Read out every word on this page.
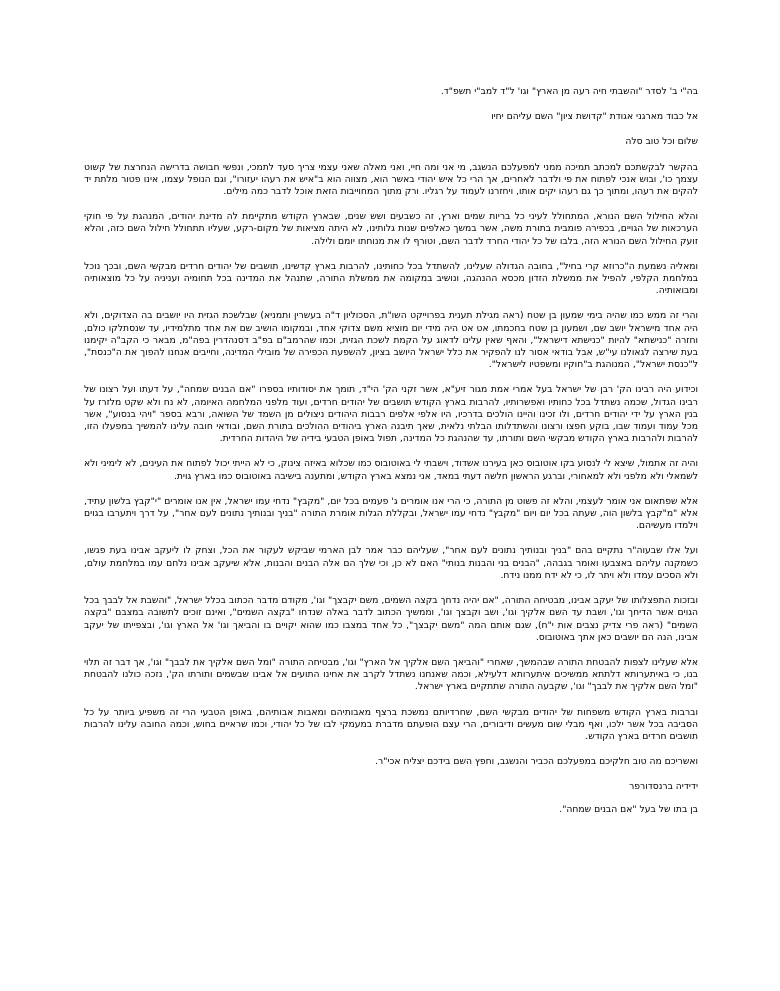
בה"י ב' לסדר "והשבתי חיה רעה מן הארץ" וגו' ל"ד למב"י תשפ"ד.

אל כבוד מארגני אגודת "קדושת ציון" השם עליהם יחיו

שלום וכל טוב סלה

בהקשר לבקשתכם למכתב תמיכה ממני למפעלכם הנשגב, מי אני ומה חיי, ואני מאלה שאני עצמי צריך סעד לתמכי, ונפשי חבושה בדרישה הנחרצת של קשוט עצמך כו', ובוש אנכי לפתוח את פי ולדבר לאחרים, אך הרי כל איש יהודי באשר הוא, מצווה הוא ב"איש את רעהו יעזורו", וגם הנופל עצמו, אינו פטור מלתת יד להקים את רעהו, ומתוך כך גם רעהו יקים אותו, ויחזרנו לעמוד על רגליו. ורק מתוך המחוייבות הזאת אוכל לדבר כמה מילים.

והלא החילול השם הנורא, המתחולל לעיני כל בריות שמים וארץ, זה כשבעים ושש שנים, שבארץ הקודש מתקיימת לה מדינת יהודים, המנהגת על פי חוקי הערכאות של הגויים, בכפירה פומבית בתורת משה, אשר במשך כאלפים שנות גלותינו, לא היתה מציאות של מקום-רקע, שעליו תתחולל חילול השם כזה, והלא זועק החילול השם הנורא הזה, בלבו של כל יהודי החרד לדבר השם, וטורף לו את מנוחתו יומם ולילה.

ומאליה נשמעת ה"כרוזא קרי בחיל", בחובה הגדולה שעלינו, להשתדל בכל כחותינו, להרבות בארץ קדשינו, תושבים של יהודים חרדים מבקשי השם, ובכך נוכל במלחמת הקלפי, להפיל את ממשלת הזדון מכסא ההנהגה, ונושיב במקומה את ממשלת התורה, שתנהל את המדינה בכל תחומיה ועניניה על כל מוצאותיה ומבואותיה.

והרי זה ממש כמו שהיה בימי שמעון בן שטח (ראה מגילת תענית בפרוייקט השו"ת, הסכוליון ד"ה בעשרין ותמניא) שבלשכת הגזית היו יושבים בה הצדוקים, ולא היה אחד מישראל יושב שם, ושמעון בן שטח בחכמתו, אט אט היה מידי יום מוציא משם צדוקי אחד, ובמקומו הושיב שם את אחד מתלמידיו, עד שנסתלקו כולם, וחזרה "כנישתא" להיות "כנישתא דישראל", והאף שאין עלינו לדאוג על הקמת לשכת הגזית, וכמו שהרמב"ם בפ"ב דסנהדרין בפה"מ, מבאר כי הקב"ה יקימנו בעת שירצה לגאולנו עי"ש, אבל בודאי אסור לנו להפקיר את כלל ישראל היושב בציון, להשפעת הכפירה של מובילי המדינה, וחייבים אנחנו להפוך את ה"כנסת", ל"כנסת ישראל", המנוהגת ב"חוקיו ומשפטיו לישראל".

וכידוע היה רבינו הק' רבן של ישראל בעל אמרי אמת מגור זיע"א, אשר זקני הק' הי"ד, תומך את יסודותיו בספרו "אם הבנים שמחה", על דעתו ועל רצונו של רבינו הגדול, שכמה נשתדל בכל כחותיו ואפשרותיו, להרבות בארץ הקודש תושבים של יהודים חרדים, ועוד מלפני המלחמה האיומה, לא נח ולא שקט מלזרז על בנין הארץ על ידי יהודים חרדים, ולו זכינו והיינו הולכים בדרכיו, היו אלפי אלפים רבבות היהודים ניצולים מן השמד של השואה, ורבא בספר "ויהי בנסוע", אשר מכל עמוד ועמוד שבו, בוקע חפצו ורצונו והשתדלותו הבלתי נלאית, שאך תיבנה הארץ ביהודים ההולכים בתורת השם, ובודאי חובה עלינו להמשיך במפעלו הזו, להרבות ולהרבות בארץ הקודש מבקשי השם ותורתו, עד שהנהגת כל המדינה, תפול באופן הטבעי בידיה של היהדות החרדית.

והיה זה אתמול, שיצא לי לנסוע בקו אוטובוס כאן בעירנו אשדוד, וישבתי לי באוטובוס כמו שכלוא באיזה צינוק, כי לא הייתי יכול לפתוח את העינים, לא לימיני ולא לשמאלי ולא מלפני ולא למאחורי, וברגע הראשון חלשה דעתי במאד, אני נמצא בארץ הקודש, ומתענה בישיבה באוטובוס כמו בארץ גוית.

אלא שפתאום אני אומר לעצמי, והלא זה פשוט מן התורה, כי הרי אנו אומרים ג' פעמים בכל יום, "מקבץ" נדחי עמו ישראל, אין אנו אומרים "י"קבץ בלשון עתיד, אלא "מ"קבץ בלשון הוה, שעתה בכל יום ויום "מקבץ" נדחי עמו ישראל, ובקללת הגלות אומרת התורה "בניך ובנותיך נתונים לעם אחר", על דרך ויתערבו בגוים וילמדו מעשיהם.

ועל אלו שבעוה"ר נתקיים בהם "בניך ובנותיך נתונים לעם אחר", שעליהם כבר אמר לבן הארמי שביקש לעקור את הכל, וצחק לו ליעקב אבינו בעת פגשו, כשמקנה עליהם באצבעו ואומר בגבהה, "הבנים בני והבנות בנותי" האם לא כן, וכי שלך הם אלה הבנים והבנות, אלא שיעקב אבינו נלחם עמו במלחמת עולם, ולא הסכים עמדו ולא ויתר לו, כי לא ידח ממנו נידח.

ובזכות התפצלותו של יעקב אבינו, מבטיחה התורה, "אם יהיה נדחך בקצה השמים, משם יקבצך" וגו', מקודם מדבר הכתוב בכלל ישראל, "והשבת אל לבבך בכל הגוים אשר הדיחך וגו', ושבת עד השם אלקיך וגו', ושב וקבצך וגו', וממשיך הכתוב לדבר באלה שנדחו "בקצה השמים", ואינם זוכים לתשובה במצבם "בקצה השמים" (ראה פרי צדיק נצבים אות י"ח), שגם אותם המה "משם יקבצך", כל אחד במצבו כמו שהוא יקויים בו והביאך וגו' אל הארץ וגו', ובצפייתו של יעקב אבינו, הנה הם יושבים כאן אתך באוטובוס.

אלא שעלינו לצפות להבטחת התורה שבהמשך, שאחרי "והביאך השם אלקיך אל הארץ" וגו', מבטיחה התורה "ומל השם אלקיך את לבבך" וגו', אך דבר זה תלוי בנו, כי באיתערותא דלתתא ממשיכים איתערותא דלעילא, וכמה שאנחנו נשתדל לקרב את אחינו התועים אל אבינו שבשמים ותורתו הק', נזכה כולנו להבטחת "ומל השם אלקיך את לבבך" וגו', שקבעה התורה שתתקיים בארץ ישראל.

וברבות בארץ הקודש משפחות של יהודים מבקשי השם, שחרדיותם נמשכת ברצף מאבותיהם ומאבות אבותיהם, באופן הטבעי הרי זה משפיע ביותר על כל הסביבה בכל אשר ילכו, ואף מבלי שום מעשים ודיבורים, הרי עצם הופעתם מדברת במעמקי לבו של כל יהודי, וכמו שראיים בחוש, וכמה החובה עלינו להרבות תושבים חרדים בארץ הקודש.

ואשריכם מה טוב חלקיכם במפעלכם הכביר והנשגב, וחפץ השם בידכם יצליח אכי"ר.

ידידיה ברנסדורפר

בן בתו של בעל "אם הבנים שמחה".
